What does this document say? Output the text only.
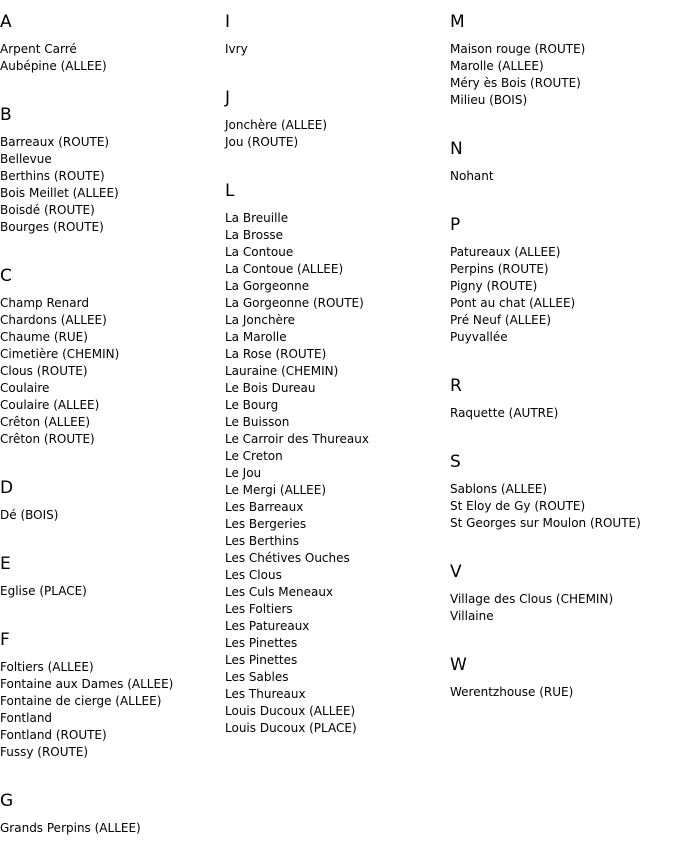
A
Arpent Carré
Aubépine (ALLEE)
B
Barreaux (ROUTE)
Bellevue
Berthins (ROUTE)
Bois Meillet (ALLEE)
Boisdé (ROUTE)
Bourges (ROUTE)
C
Champ Renard
Chardons (ALLEE)
Chaume (RUE)
Cimetière (CHEMIN)
Clous (ROUTE)
Coulaire
Coulaire (ALLEE)
Crêton (ALLEE)
Crêton (ROUTE)
D
Dé (BOIS)
E
Eglise (PLACE)
F
Foltiers (ALLEE)
Fontaine aux Dames (ALLEE)
Fontaine de cierge (ALLEE)
Fontland
Fontland (ROUTE)
Fussy (ROUTE)
G
Grands Perpins (ALLEE)
I
Ivry
J
Jonchère (ALLEE)
Jou (ROUTE)
L
La Breuille
La Brosse
La Contoue
La Contoue (ALLEE)
La Gorgeonne
La Gorgeonne (ROUTE)
La Jonchère
La Marolle
La Rose (ROUTE)
Lauraine (CHEMIN)
Le Bois Dureau
Le Bourg
Le Buisson
Le Carroir des Thureaux
Le Creton
Le Jou
Le Mergi (ALLEE)
Les Barreaux
Les Bergeries
Les Berthins
Les Chétives Ouches
Les Clous
Les Culs Meneaux
Les Foltiers
Les Patureaux
Les Pinettes
Les Pinettes
Les Sables
Les Thureaux
Louis Ducoux (ALLEE)
Louis Ducoux (PLACE)
M
Maison rouge (ROUTE)
Marolle (ALLEE)
Méry ès Bois (ROUTE)
Milieu (BOIS)
N
Nohant
P
Patureaux (ALLEE)
Perpins (ROUTE)
Pigny (ROUTE)
Pont au chat (ALLEE)
Pré Neuf (ALLEE)
Puyvallée
R
Raquette (AUTRE)
S
Sablons (ALLEE)
St Eloy de Gy (ROUTE)
St Georges sur Moulon (ROUTE)
V
Village des Clous (CHEMIN)
Villaine
W
Werentzhouse (RUE)
